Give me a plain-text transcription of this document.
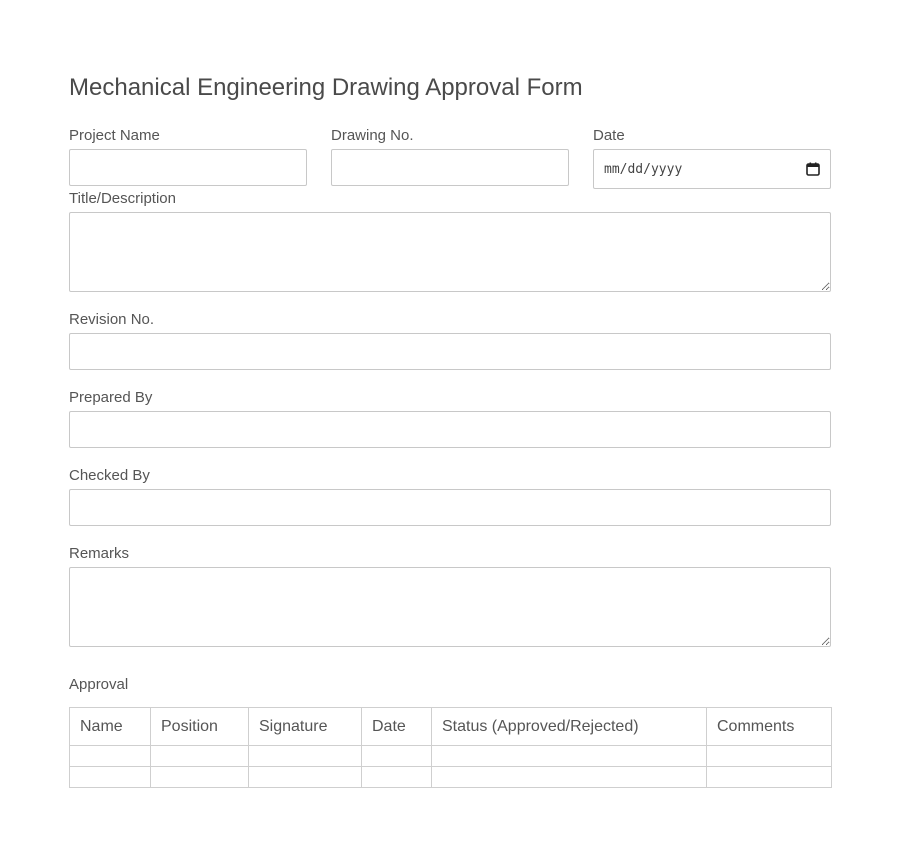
Mechanical Engineering Drawing Approval Form
Project Name	Drawing No.	Date
mm/dd/yyyy
Title/Description
Revision No.
Prepared By
Checked By
Remarks
Approval
Name	Position	Signature	Date	Status (Approved/Rejected)	Comments
